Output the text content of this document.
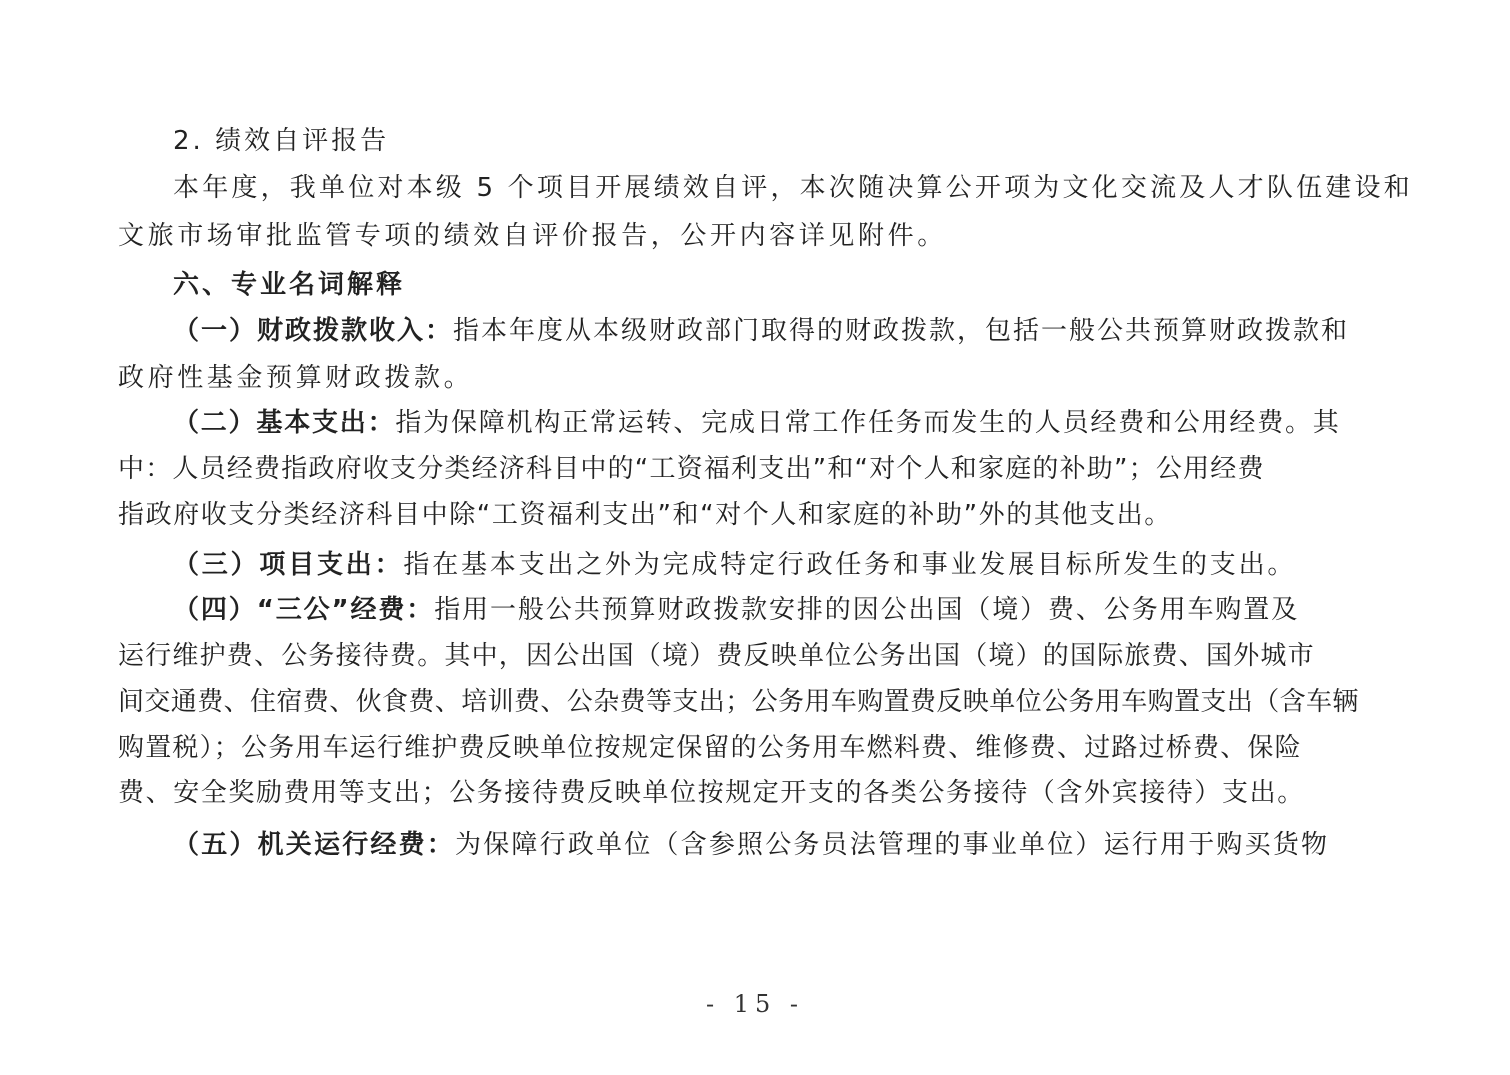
2. 绩效自评报告
本年度，我单位对本级 5 个项目开展绩效自评，本次随决算公开项为文化交流及人才队伍建设和
文旅市场审批监管专项的绩效自评价报告，公开内容详见附件。
六、专业名词解释
（一）财政拨款收入：指本年度从本级财政部门取得的财政拨款，包括一般公共预算财政拨款和
政府性基金预算财政拨款。
（二）基本支出：指为保障机构正常运转、完成日常工作任务而发生的人员经费和公用经费。其
中：人员经费指政府收支分类经济科目中的“工资福利支出”和“对个人和家庭的补助”；公用经费
指政府收支分类经济科目中除“工资福利支出”和“对个人和家庭的补助”外的其他支出。
（三）项目支出：指在基本支出之外为完成特定行政任务和事业发展目标所发生的支出。
（四）“三公”经费：指用一般公共预算财政拨款安排的因公出国（境）费、公务用车购置及
运行维护费、公务接待费。其中，因公出国（境）费反映单位公务出国（境）的国际旅费、国外城市
间交通费、住宿费、伙食费、培训费、公杂费等支出；公务用车购置费反映单位公务用车购置支出（含车辆
购置税）；公务用车运行维护费反映单位按规定保留的公务用车燃料费、维修费、过路过桥费、保险
费、安全奖励费用等支出；公务接待费反映单位按规定开支的各类公务接待（含外宾接待）支出。
（五）机关运行经费：为保障行政单位（含参照公务员法管理的事业单位）运行用于购买货物
- 15 -
